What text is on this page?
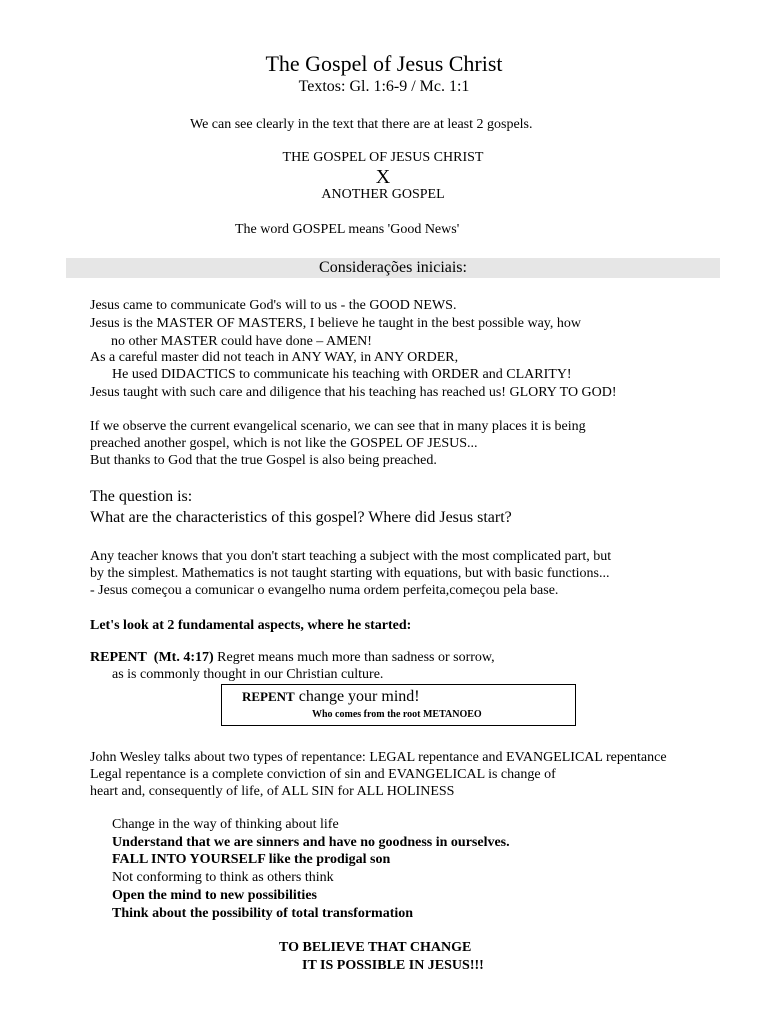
The Gospel of Jesus Christ
Textos: Gl. 1:6-9 / Mc. 1:1
We can see clearly in the text that there are at least 2 gospels.
THE GOSPEL OF JESUS CHRIST
X
ANOTHER GOSPEL
The word GOSPEL means 'Good News'
Considerações iniciais:
Jesus came to communicate God's will to us - the GOOD NEWS.
Jesus is the MASTER OF MASTERS, I believe he taught in the best possible way, how
no other MASTER could have done – AMEN!
As a careful master did not teach in ANY WAY, in ANY ORDER,
He used DIDACTICS to communicate his teaching with ORDER and CLARITY!
Jesus taught with such care and diligence that his teaching has reached us! GLORY TO GOD!
If we observe the current evangelical scenario, we can see that in many places it is being
preached another gospel, which is not like the GOSPEL OF JESUS...
But thanks to God that the true Gospel is also being preached.
The question is:
What are the characteristics of this gospel? Where did Jesus start?
Any teacher knows that you don't start teaching a subject with the most complicated part, but
by the simplest. Mathematics is not taught starting with equations, but with basic functions...
- Jesus começou a comunicar o evangelho numa ordem perfeita,começou pela base.
Let's look at 2 fundamental aspects, where he started:
REPENT (Mt. 4:17) Regret means much more than sadness or sorrow,
as is commonly thought in our Christian culture.
REPENT change your mind!
Who comes from the root METANOEO
John Wesley talks about two types of repentance: LEGAL repentance and EVANGELICAL repentance
Legal repentance is a complete conviction of sin and EVANGELICAL is change of
heart and, consequently of life, of ALL SIN for ALL HOLINESS
Change in the way of thinking about life
Understand that we are sinners and have no goodness in ourselves.
FALL INTO YOURSELF like the prodigal son
Not conforming to think as others think
Open the mind to new possibilities
Think about the possibility of total transformation
TO BELIEVE THAT CHANGE
IT IS POSSIBLE IN JESUS!!!
